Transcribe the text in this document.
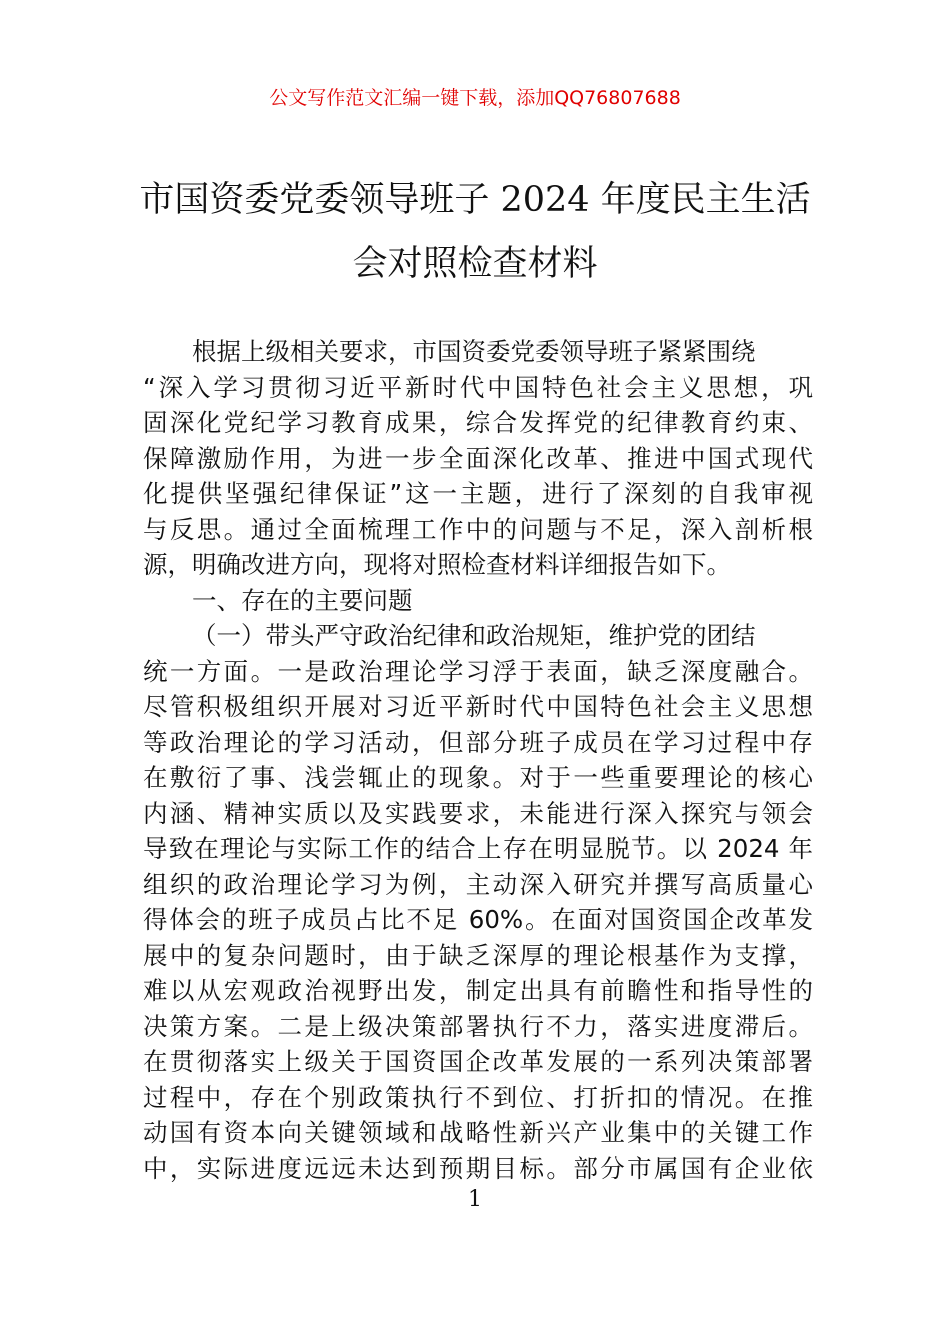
公文写作范文汇编一键下载，添加QQ76807688
市国资委党委领导班子 2024 年度民主生活
会对照检查材料
根据上级相关要求，市国资委党委领导班子紧紧围绕
“深入学习贯彻习近平新时代中国特色社会主义思想，巩
固深化党纪学习教育成果，综合发挥党的纪律教育约束、
保障激励作用，为进一步全面深化改革、推进中国式现代
化提供坚强纪律保证”这一主题，进行了深刻的自我审视
与反思。通过全面梳理工作中的问题与不足，深入剖析根
源，明确改进方向，现将对照检查材料详细报告如下。
一、存在的主要问题
（一）带头严守政治纪律和政治规矩，维护党的团结
统一方面。一是政治理论学习浮于表面，缺乏深度融合。
尽管积极组织开展对习近平新时代中国特色社会主义思想
等政治理论的学习活动，但部分班子成员在学习过程中存
在敷衍了事、浅尝辄止的现象。对于一些重要理论的核心
内涵、精神实质以及实践要求，未能进行深入探究与领会
导致在理论与实际工作的结合上存在明显脱节。以 2024 年
组织的政治理论学习为例，主动深入研究并撰写高质量心
得体会的班子成员占比不足 60%。在面对国资国企改革发
展中的复杂问题时，由于缺乏深厚的理论根基作为支撑，
难以从宏观政治视野出发，制定出具有前瞻性和指导性的
决策方案。二是上级决策部署执行不力，落实进度滞后。
在贯彻落实上级关于国资国企改革发展的一系列决策部署
过程中，存在个别政策执行不到位、打折扣的情况。在推
动国有资本向关键领域和战略性新兴产业集中的关键工作
中，实际进度远远未达到预期目标。部分市属国有企业依
1
